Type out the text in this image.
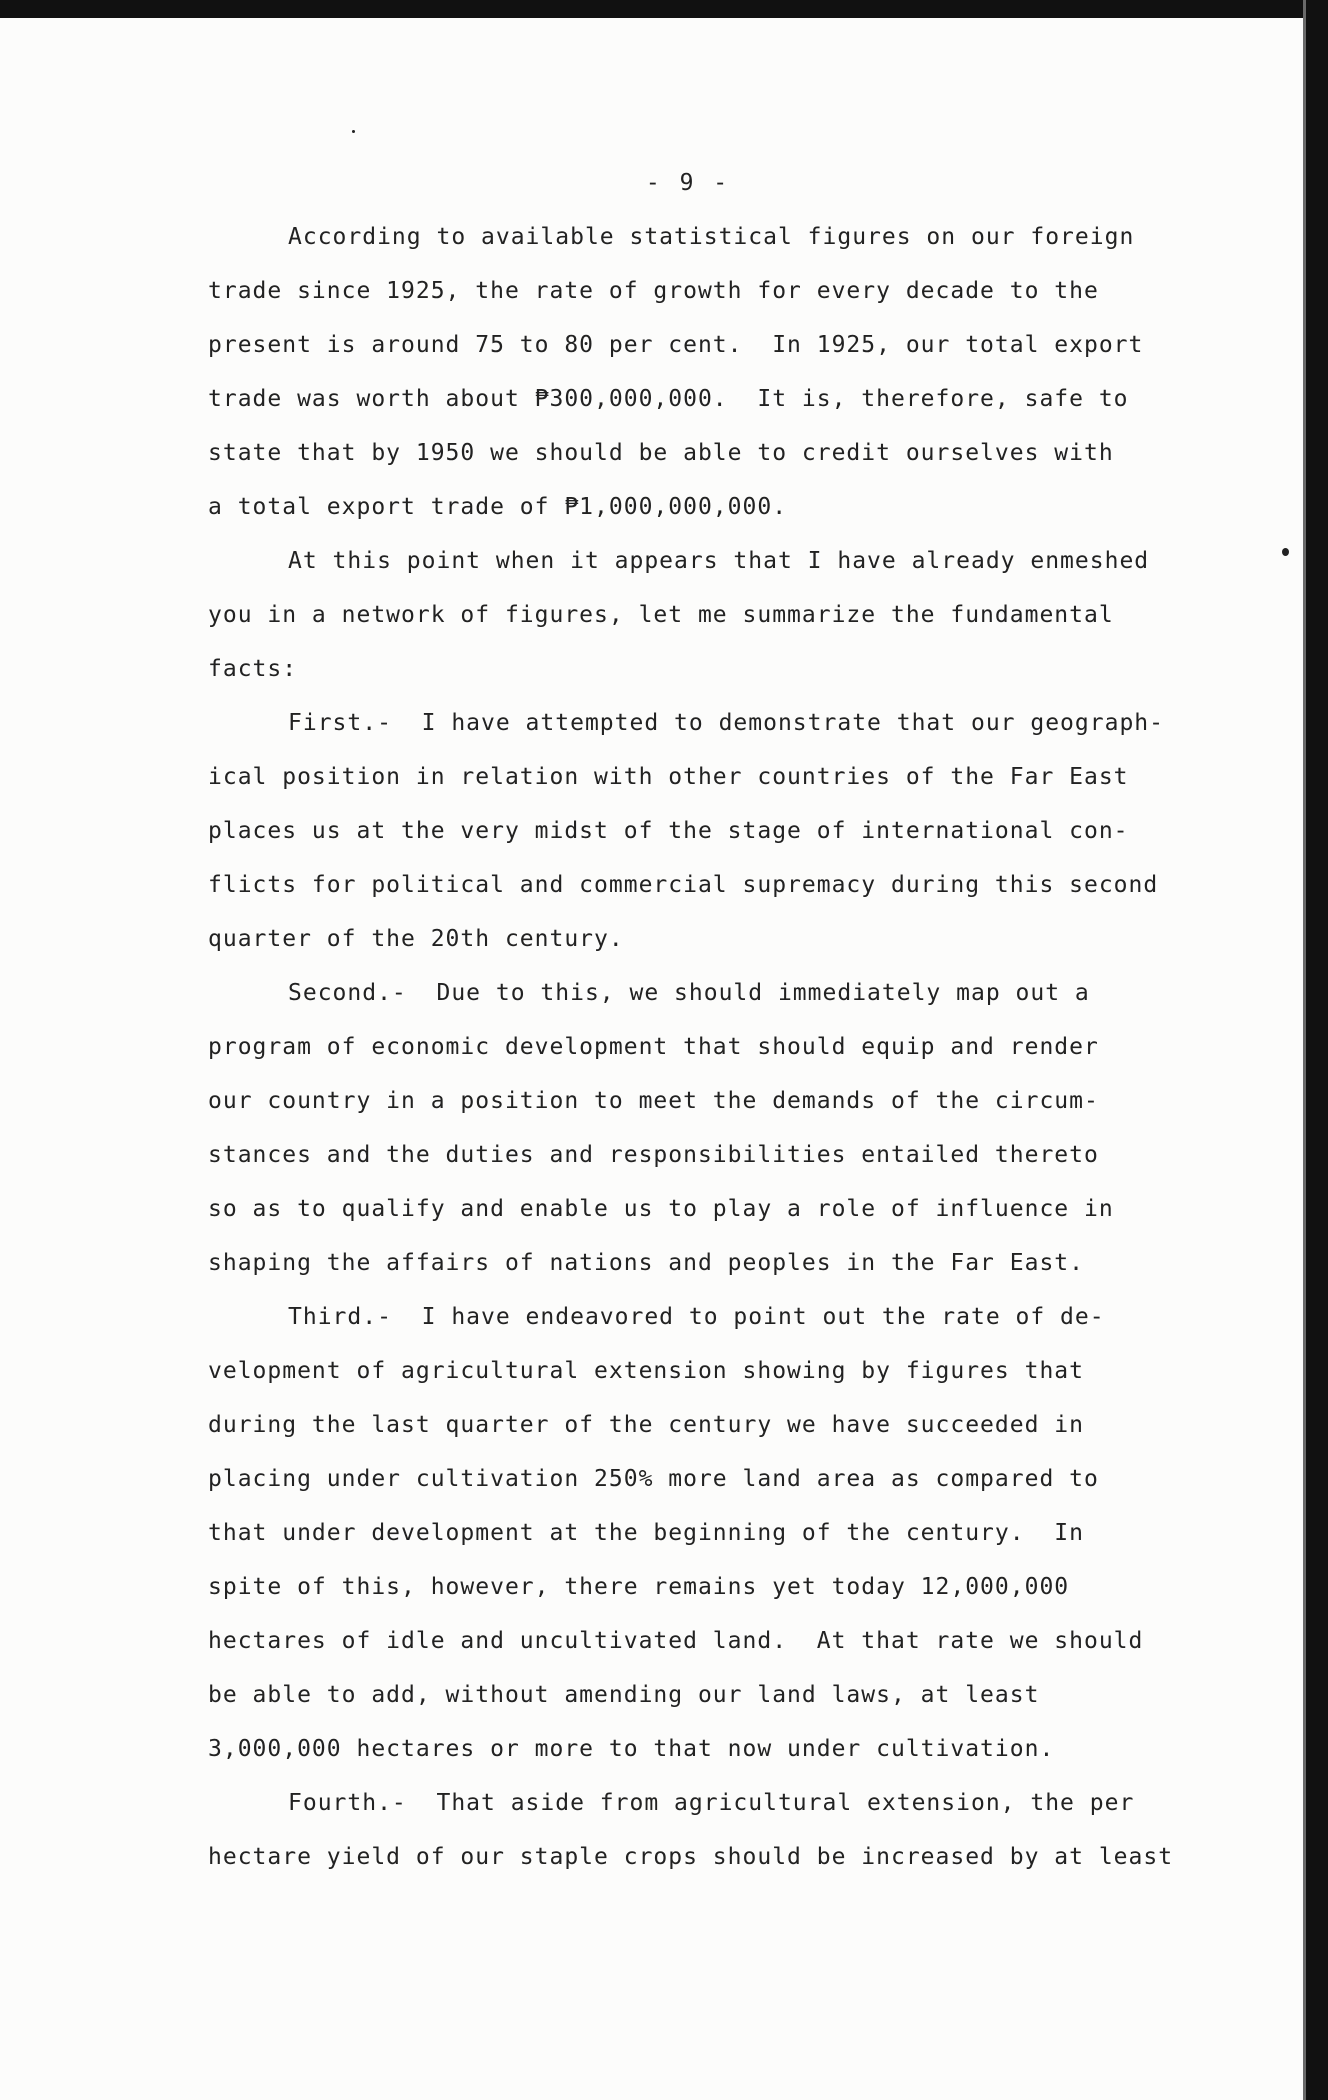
- 9 -
According to available statistical figures on our foreign
trade since 1925, the rate of growth for every decade to the
present is around 75 to 80 per cent.  In 1925, our total export
trade was worth about ₱300,000,000.  It is, therefore, safe to
state that by 1950 we should be able to credit ourselves with
a total export trade of ₱1,000,000,000.
At this point when it appears that I have already enmeshed
you in a network of figures, let me summarize the fundamental
facts:
First.-  I have attempted to demonstrate that our geograph-
ical position in relation with other countries of the Far East
places us at the very midst of the stage of international con-
flicts for political and commercial supremacy during this second
quarter of the 20th century.
Second.-  Due to this, we should immediately map out a
program of economic development that should equip and render
our country in a position to meet the demands of the circum-
stances and the duties and responsibilities entailed thereto
so as to qualify and enable us to play a role of influence in
shaping the affairs of nations and peoples in the Far East.
Third.-  I have endeavored to point out the rate of de-
velopment of agricultural extension showing by figures that
during the last quarter of the century we have succeeded in
placing under cultivation 250% more land area as compared to
that under development at the beginning of the century.  In
spite of this, however, there remains yet today 12,000,000
hectares of idle and uncultivated land.  At that rate we should
be able to add, without amending our land laws, at least
3,000,000 hectares or more to that now under cultivation.
Fourth.-  That aside from agricultural extension, the per
hectare yield of our staple crops should be increased by at least
